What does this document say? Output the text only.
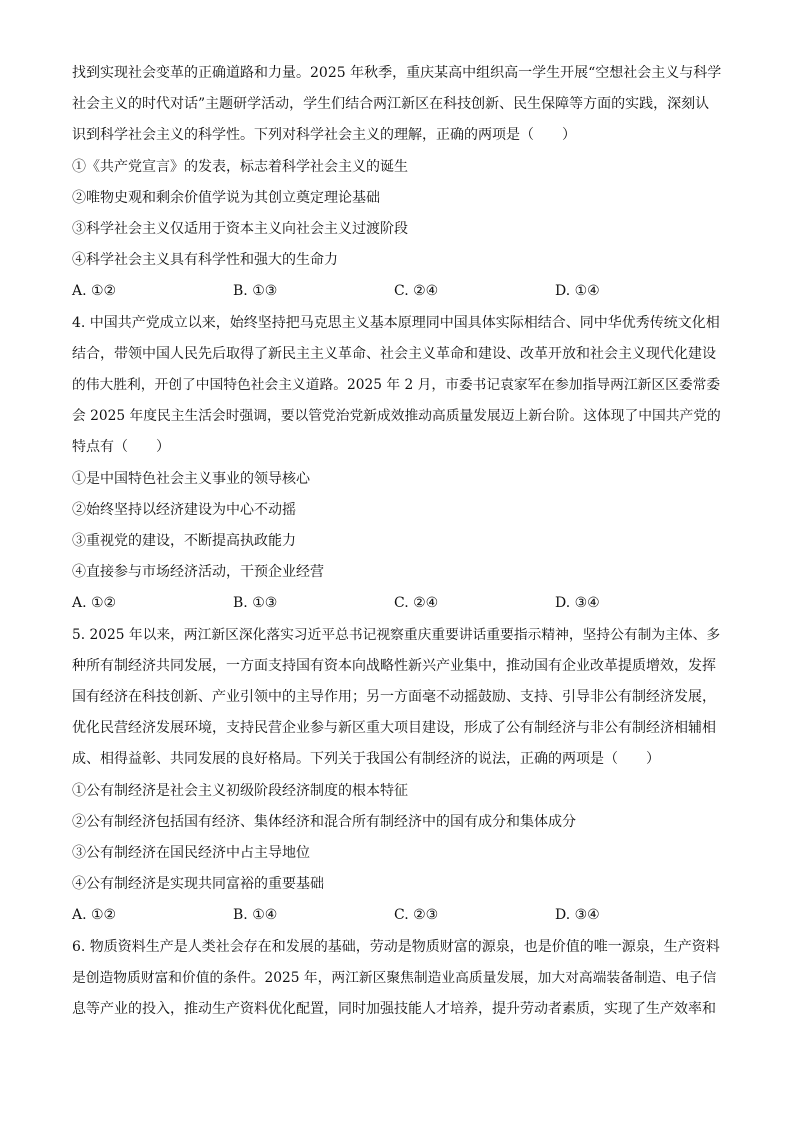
找到实现社会变革的正确道路和力量。2025 年秋季，重庆某高中组织高一学生开展“空想社会主义与科学
社会主义的时代对话”主题研学活动，学生们结合两江新区在科技创新、民生保障等方面的实践，深刻认
识到科学社会主义的科学性。下列对科学社会主义的理解，正确的两项是（　　）
①《共产党宣言》的发表，标志着科学社会主义的诞生
②唯物史观和剩余价值学说为其创立奠定理论基础
③科学社会主义仅适用于资本主义向社会主义过渡阶段
④科学社会主义具有科学性和强大的生命力
A. ①②	B. ①③	C. ②④	D. ①④
4. 中国共产党成立以来，始终坚持把马克思主义基本原理同中国具体实际相结合、同中华优秀传统文化相
结合，带领中国人民先后取得了新民主主义革命、社会主义革命和建设、改革开放和社会主义现代化建设
的伟大胜利，开创了中国特色社会主义道路。2025 年 2 月，市委书记袁家军在参加指导两江新区区委常委
会 2025 年度民主生活会时强调，要以管党治党新成效推动高质量发展迈上新台阶。这体现了中国共产党的
特点有（　　）
①是中国特色社会主义事业的领导核心
②始终坚持以经济建设为中心不动摇
③重视党的建设，不断提高执政能力
④直接参与市场经济活动，干预企业经营
A. ①②	B. ①③	C. ②④	D. ③④
5. 2025 年以来，两江新区深化落实习近平总书记视察重庆重要讲话重要指示精神，坚持公有制为主体、多
种所有制经济共同发展，一方面支持国有资本向战略性新兴产业集中，推动国有企业改革提质增效，发挥
国有经济在科技创新、产业引领中的主导作用；另一方面毫不动摇鼓励、支持、引导非公有制经济发展，
优化民营经济发展环境，支持民营企业参与新区重大项目建设，形成了公有制经济与非公有制经济相辅相
成、相得益彰、共同发展的良好格局。下列关于我国公有制经济的说法，正确的两项是（　　）
①公有制经济是社会主义初级阶段经济制度的根本特征
②公有制经济包括国有经济、集体经济和混合所有制经济中的国有成分和集体成分
③公有制经济在国民经济中占主导地位
④公有制经济是实现共同富裕的重要基础
A. ①②	B. ①④	C. ②③	D. ③④
6. 物质资料生产是人类社会存在和发展的基础，劳动是物质财富的源泉，也是价值的唯一源泉，生产资料
是创造物质财富和价值的条件。2025 年，两江新区聚焦制造业高质量发展，加大对高端装备制造、电子信
息等产业的投入，推动生产资料优化配置，同时加强技能人才培养，提升劳动者素质，实现了生产效率和
